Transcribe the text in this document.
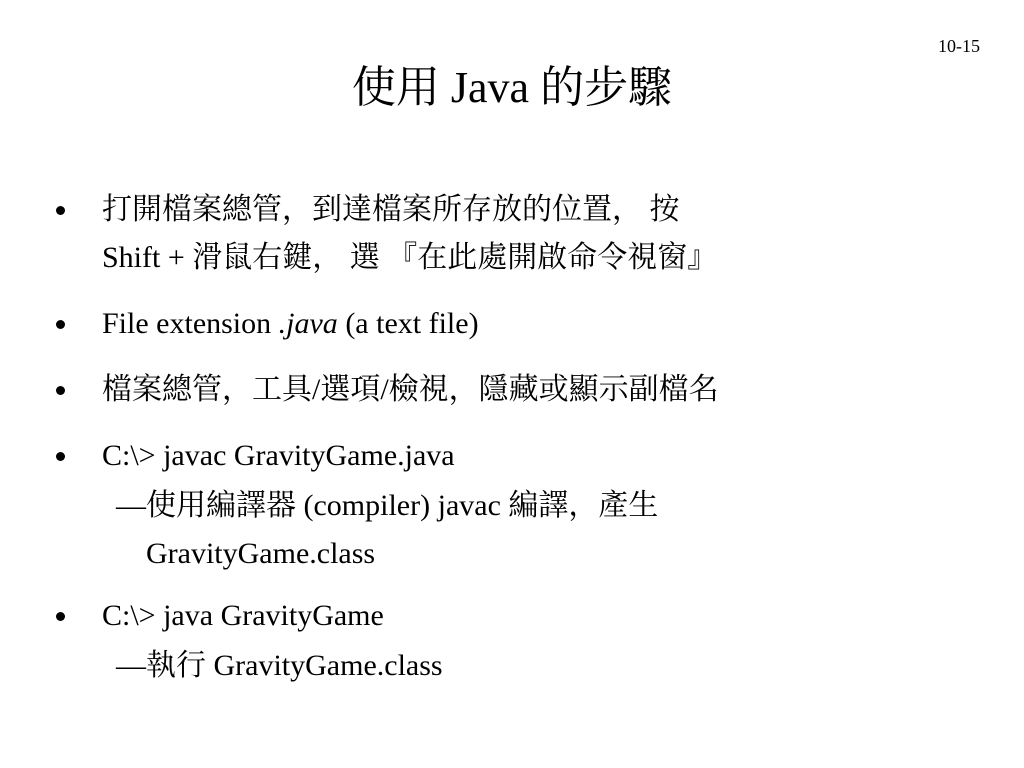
10-15
使用 Java 的步驟
打開檔案總管，到達檔案所存放的位置， 按
Shift + 滑鼠右鍵， 選 『在此處開啟命令視窗』
File extension .java (a text file)
檔案總管，工具/選項/檢視，隱藏或顯示副檔名
C:\> javac GravityGame.java
— 使用編譯器 (compiler) javac 編譯，產生
GravityGame.class
C:\> java GravityGame
— 執行 GravityGame.class
